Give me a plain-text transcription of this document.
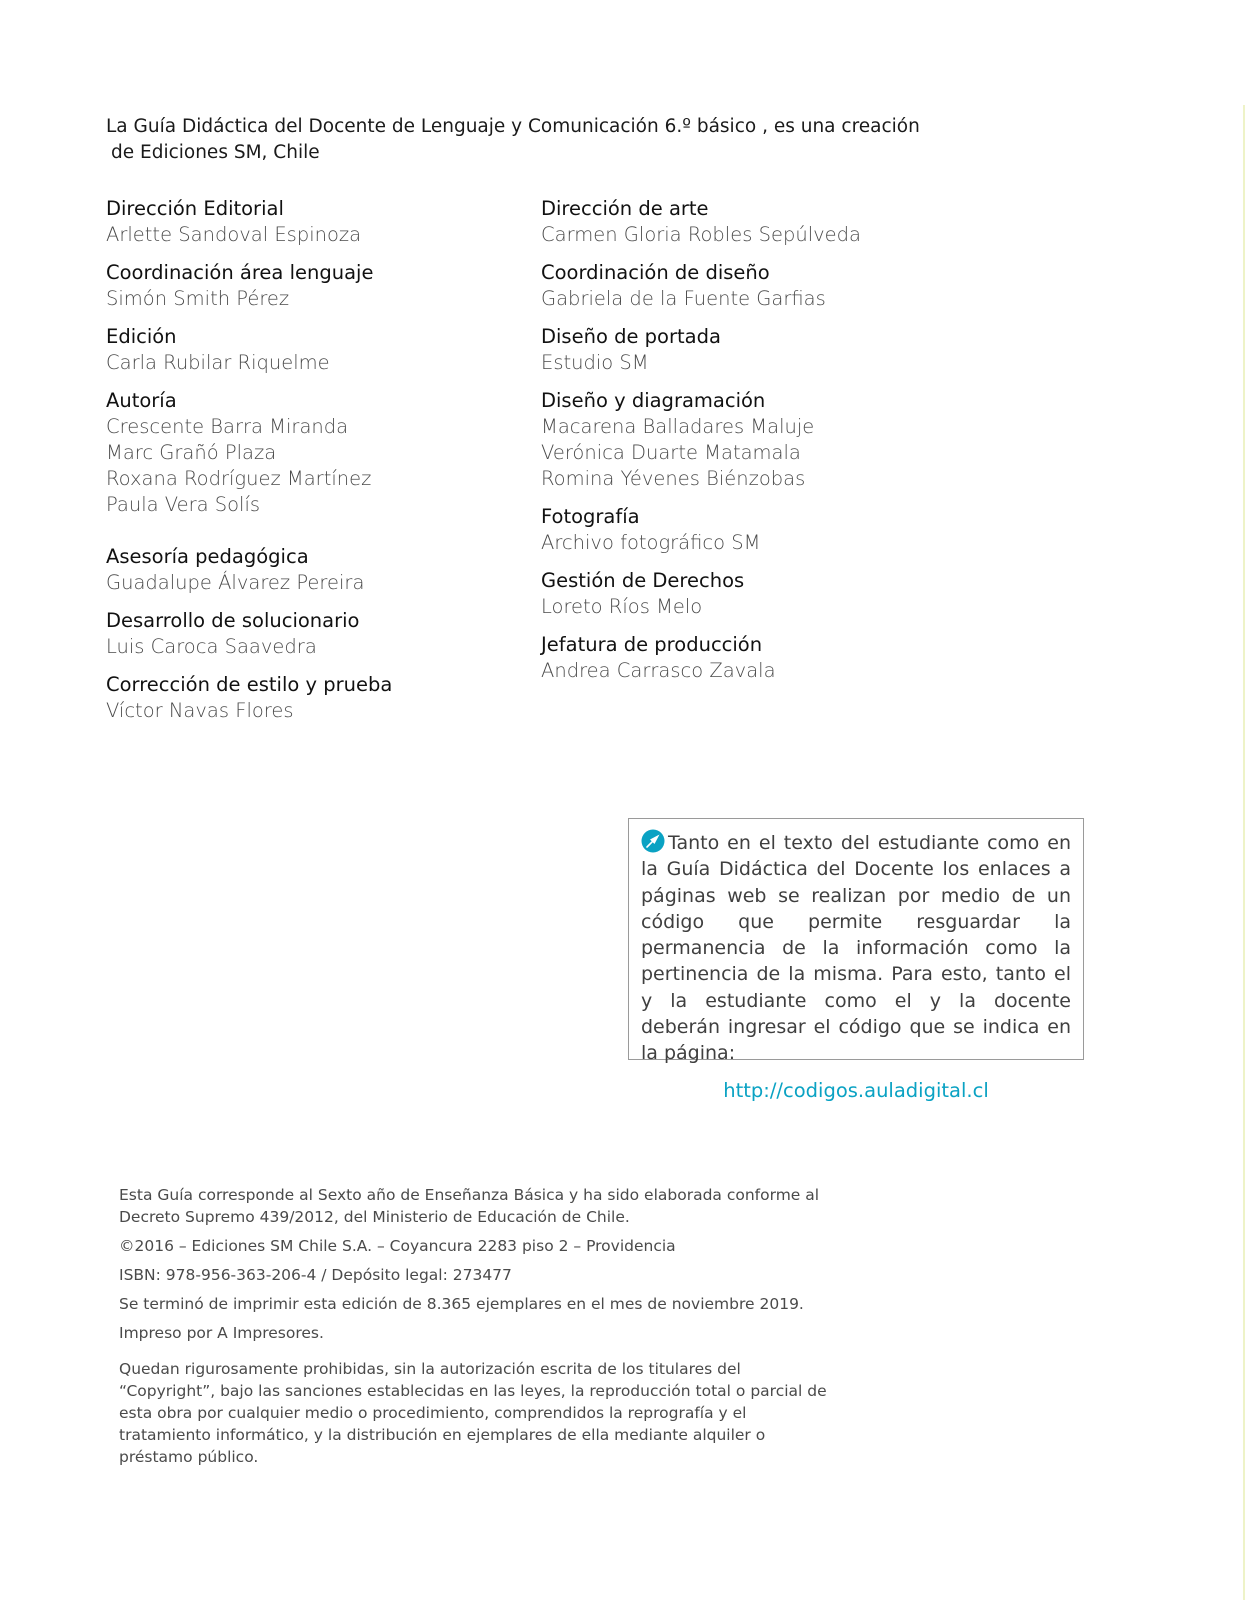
La Guía Didáctica del Docente de Lenguaje y Comunicación 6.º básico , es una creación
de Ediciones SM, Chile
Dirección Editorial
Arlette Sandoval Espinoza
Coordinación área lenguaje
Simón Smith Pérez
Edición
Carla Rubilar Riquelme
Autoría
Crescente Barra Miranda
Marc Grañó Plaza
Roxana Rodríguez Martínez
Paula Vera Solís
Asesoría pedagógica
Guadalupe Álvarez Pereira
Desarrollo de solucionario
Luis Caroca Saavedra
Corrección de estilo y prueba
Víctor Navas Flores
Dirección de arte
Carmen Gloria Robles Sepúlveda
Coordinación de diseño
Gabriela de la Fuente Garfias
Diseño de portada
Estudio SM
Diseño y diagramación
Macarena Balladares Maluje
Verónica Duarte Matamala
Romina Yévenes Biénzobas
Fotografía
Archivo fotográfico SM
Gestión de Derechos
Loreto Ríos Melo
Jefatura de producción
Andrea Carrasco Zavala
Tanto en el texto del estudiante como en la Guía Didáctica del Docente los enlaces a páginas web se realizan por medio de un código que permite resguardar la permanencia de la información como la pertinencia de la misma. Para esto, tanto el y la estudiante como el y la docente deberán ingresar el código que se indica en la página:
http://codigos.auladigital.cl

Esta Guía corresponde al Sexto año de Enseñanza Básica y ha sido elaborada conforme al Decreto Supremo 439/2012, del Ministerio de Educación de Chile.

©2016 – Ediciones SM Chile S.A. – Coyancura 2283 piso 2 – Providencia

ISBN: 978-956-363-206-4 / Depósito legal: 273477

Se terminó de imprimir esta edición de 8.365 ejemplares en el mes de noviembre 2019.

Impreso por A Impresores.

Quedan rigurosamente prohibidas, sin la autorización escrita de los titulares del “Copyright”, bajo las sanciones establecidas en las leyes, la reproducción total o parcial de esta obra por cualquier medio o procedimiento, comprendidos la reprografía y el tratamiento informático, y la distribución en ejemplares de ella mediante alquiler o préstamo público.
